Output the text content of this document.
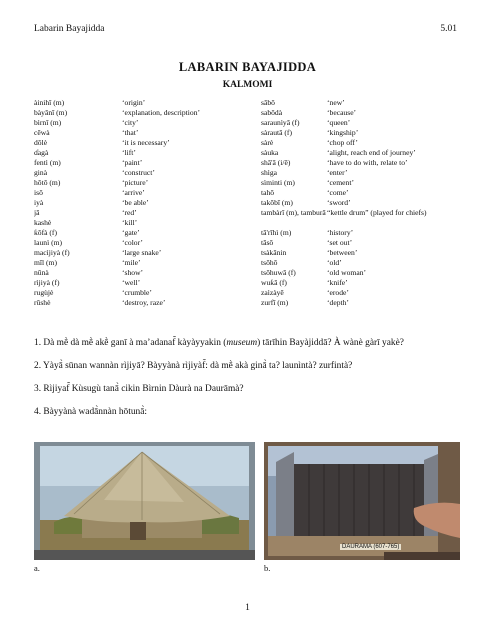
Labarin Bayajidda	5.01
LABARIN BAYAJIDDA
KALMOMI
àinihī (m)	‘origin’
bàyānī (m)	‘explanation, description’
bìrnī (m)	‘city’
cēwà	‘that’
dōlè	‘it is necessary’
ɗagà	‘lift’
fentì (m)	‘paint’
ginà	‘construct’
hōtō (m)	‘picture’
isō	‘arrive’
iyà	‘be able’
jā	‘red’
kashè	‘kill’
ƙōfà (f)	‘gate’
launì (m)	‘color’
macìjiyà (f)	‘large snake’
mīl (m)	‘mile’
nūnà	‘show’
rìjiyà (f)	‘well’
rugùjè	‘crumble’
rūshè	‘destroy, raze’
sābō	‘new’
sabōdà	‘because’
saraunìyā (f)	‘queen’
sàrautā (f)	‘kingship’
sàrè	‘chop off’
sàuka	‘alight, reach end of journey’
shā'ā (i/ē)	‘have to do with, relate to’
shìga	‘enter’
sìminti (m)	‘cement’
tahō	‘come’
takōbī (m)	‘sword’
tambàrī (m), tamburā “kettle drum” (played for chiefs)
tā'rīhì (m)	‘history’
tāsō	‘set out’
tsàkānin	‘between’
tsōhō	‘old’
tsōhuwā (f)	‘old woman’
wuƙā (f)	‘knife’
zaìzàyē	‘erode’
zurfī (m)	‘depth’
1. Dà mḕ dà mḕ akḕ ganī à ma’adanaf̃ kàyàyyakin (museum) tārīhin Bayàjiddā? À wànè gàrī yakè?
2. Yàyā̀ sūnan wannàn rìjiyā? Bàyyànà rìjiyàf̃: dà mḕ akà ginā̀ ta? launìntà? zurfintà?
3. Rìjiyaf̃ Kùsugù tanā̀ cikin Bìrnin Dàurà na Daurāmà?
4. Bàyyànà wadā̀nnàn hōtunā̀:
DAURAMA (607-765)
a.	b.
1
